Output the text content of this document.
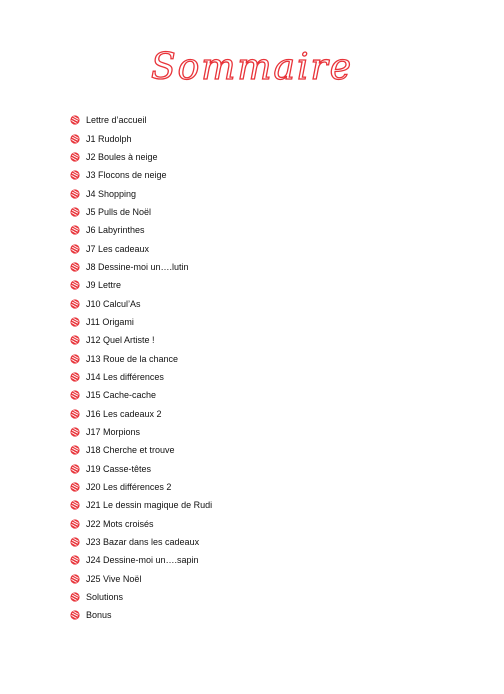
Sommaire
Lettre d’accueil
J1 Rudolph
J2 Boules à neige
J3 Flocons de neige
J4 Shopping
J5 Pulls de Noël
J6 Labyrinthes
J7 Les cadeaux
J8 Dessine-moi un….lutin
J9 Lettre
J10 Calcul’As
J11 Origami
J12 Quel Artiste !
J13 Roue de la chance
J14 Les différences
J15 Cache-cache
J16 Les cadeaux 2
J17 Morpions
J18 Cherche et trouve
J19 Casse-têtes
J20 Les différences 2
J21 Le dessin magique de Rudi
J22 Mots croisés
J23 Bazar dans les cadeaux
J24 Dessine-moi un….sapin
J25 Vive Noël
Solutions
Bonus
